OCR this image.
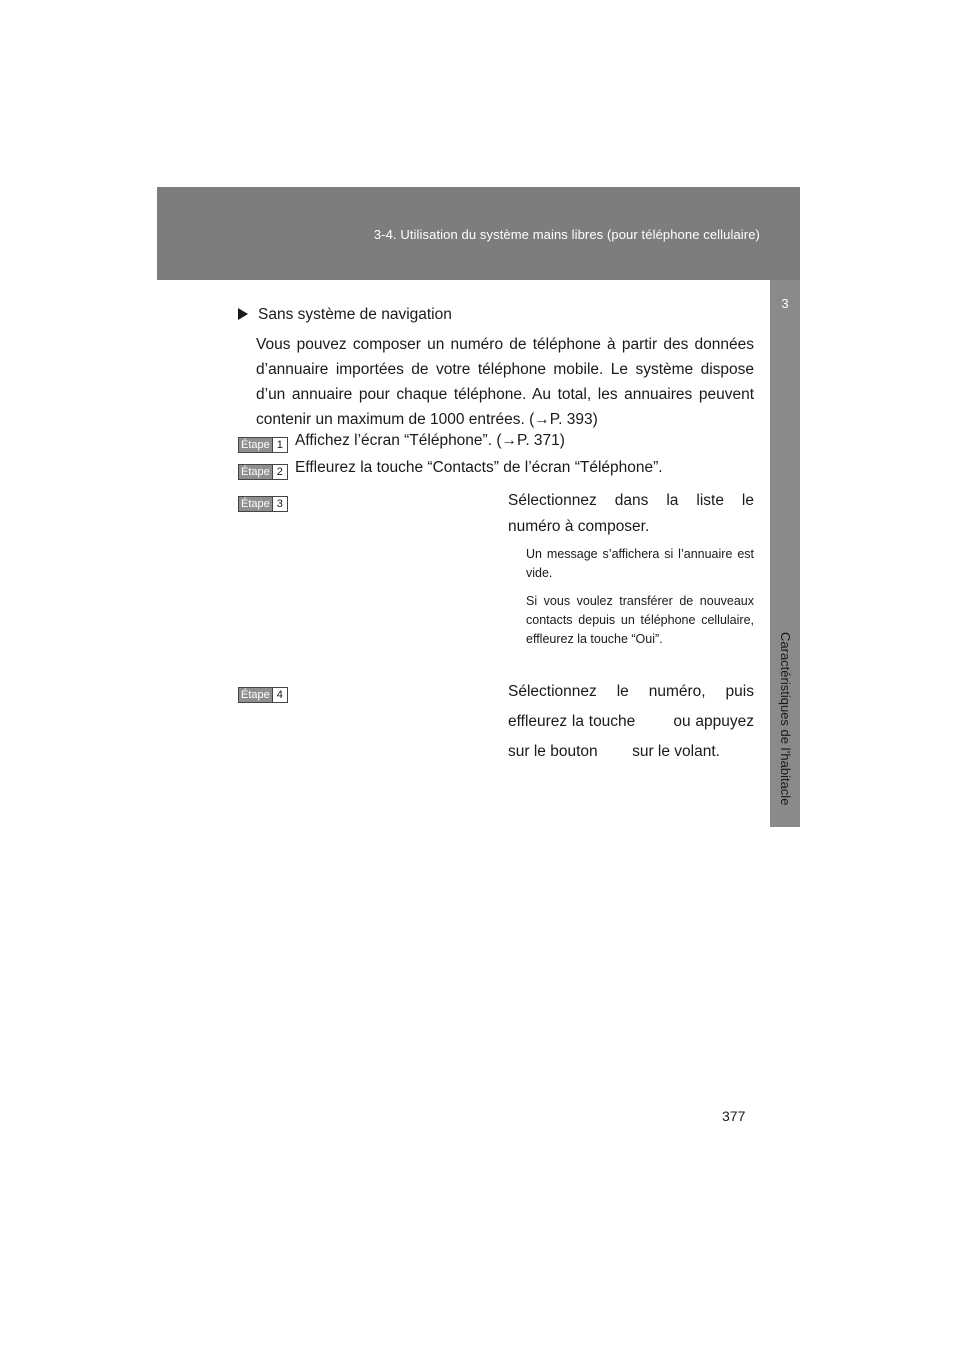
3-4. Utilisation du système mains libres (pour téléphone cellulaire)
3
Caractéristiques de l’habitacle
Sans système de navigation
Vous pouvez composer un numéro de téléphone à partir des données d’annuaire importées de votre téléphone mobile. Le système dispose d’un annuaire pour chaque téléphone. Au total, les annuaires peuvent contenir un maximum de 1000 entrées. (→P. 393)
Étape 1 Affichez l’écran “Téléphone”. (→P. 371)
Étape 2 Effleurez la touche “Contacts” de l’écran “Téléphone”.
Étape 3	Sélectionnez dans la liste le numéro à composer.
Un message s’affichera si l’annuaire est vide.
Si vous voulez transférer de nouveaux contacts depuis un téléphone cellulaire, effleurez la touche “Oui”.
Étape 4	Sélectionnez le numéro, puis effleurez la touche        ou appuyez sur le bouton        sur le volant.
377
